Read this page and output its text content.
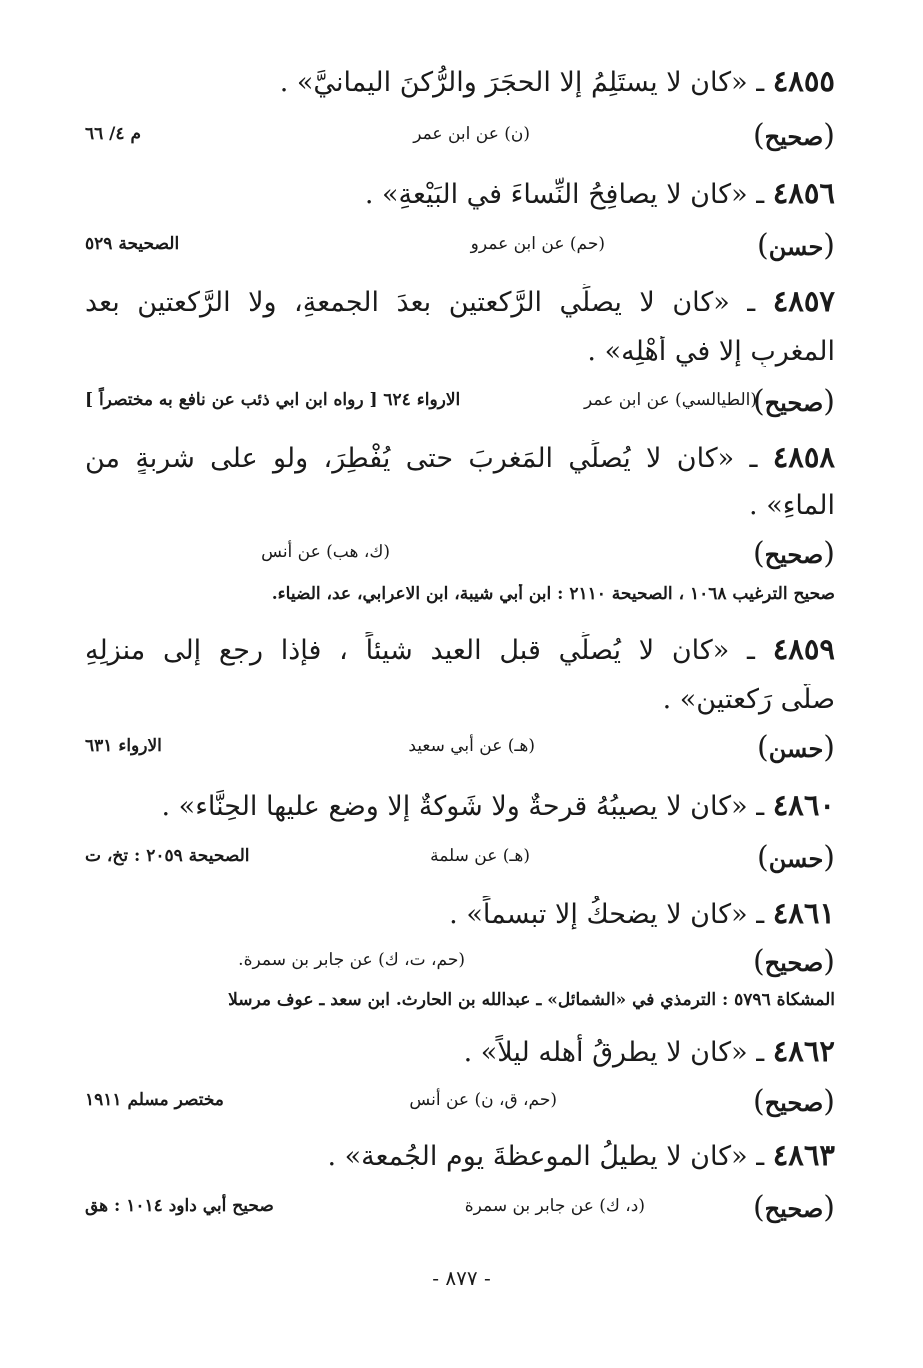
٤٨٥٥ ـ «كان لا يستَلِمُ إلا الحجَرَ والرُّكنَ اليمانيَّ» .
(صحيح)
(ن) عن ابن عمر
م ٤/ ٦٦
٤٨٥٦ ـ «كان لا يصافِحُ النِّساءَ في البَيْعةِ» .
(حسن)
(حم) عن ابن عمرو
الصحيحة ٥٢٩
٤٨٥٧ ـ «كان لا يصلِّي الرَّكعتين بعدَ الجمعةِ، ولا الرَّكعتين بعد
المغربِ إلا في أهْلِه» .
(صحيح)
(الطيالسي) عن ابن عمر
الارواء ٦٢٤ [ رواه ابن ابي ذئب عن نافع به مختصراً ]
٤٨٥٨ ـ «كان لا يُصلِّي المَغرِبَ حتى يُفْطِرَ، ولو على شربةٍ من
الماءِ» .
(صحيح)
(ك، هب) عن أنس
صحيح الترغيب ١٠٦٨ ، الصحيحة ٢١١٠ : ابن أبي شيبة، ابن الاعرابي، عد، الضياء.
٤٨٥٩ ـ «كان لا يُصلِّي قبل العيد شيئاً ، فإذا رجع إلى منزلِهِ
صلَّى رَكعتين» .
(حسن)
(هـ) عن أبي سعيد
الارواء ٦٣١
٤٨٦٠ ـ «كان لا يصيبُهُ قرحةٌ ولا شَوكةٌ إلا وضع عليها الحِنَّاء» .
(حسن)
(هـ) عن سلمة
الصحيحة ٢٠٥٩ : تخ، ت
٤٨٦١ ـ «كان لا يضحكُ إلا تبسماً» .
(صحيح)
(حم، ت، ك) عن جابر بن سمرة.
المشكاة ٥٧٩٦ : الترمذي في «الشمائل» ـ عبدالله بن الحارث. ابن سعد ـ عوف مرسلا
٤٨٦٢ ـ «كان لا يطرقُ أهله ليلاً» .
(صحيح)
(حم، ق، ن) عن أنس
مختصر مسلم ١٩١١
٤٨٦٣ ـ «كان لا يطيلُ الموعظةَ يوم الجُمعة» .
(صحيح)
(د، ك) عن جابر بن سمرة
صحيح أبي داود ١٠١٤ : هق
- ٨٧٧ -
